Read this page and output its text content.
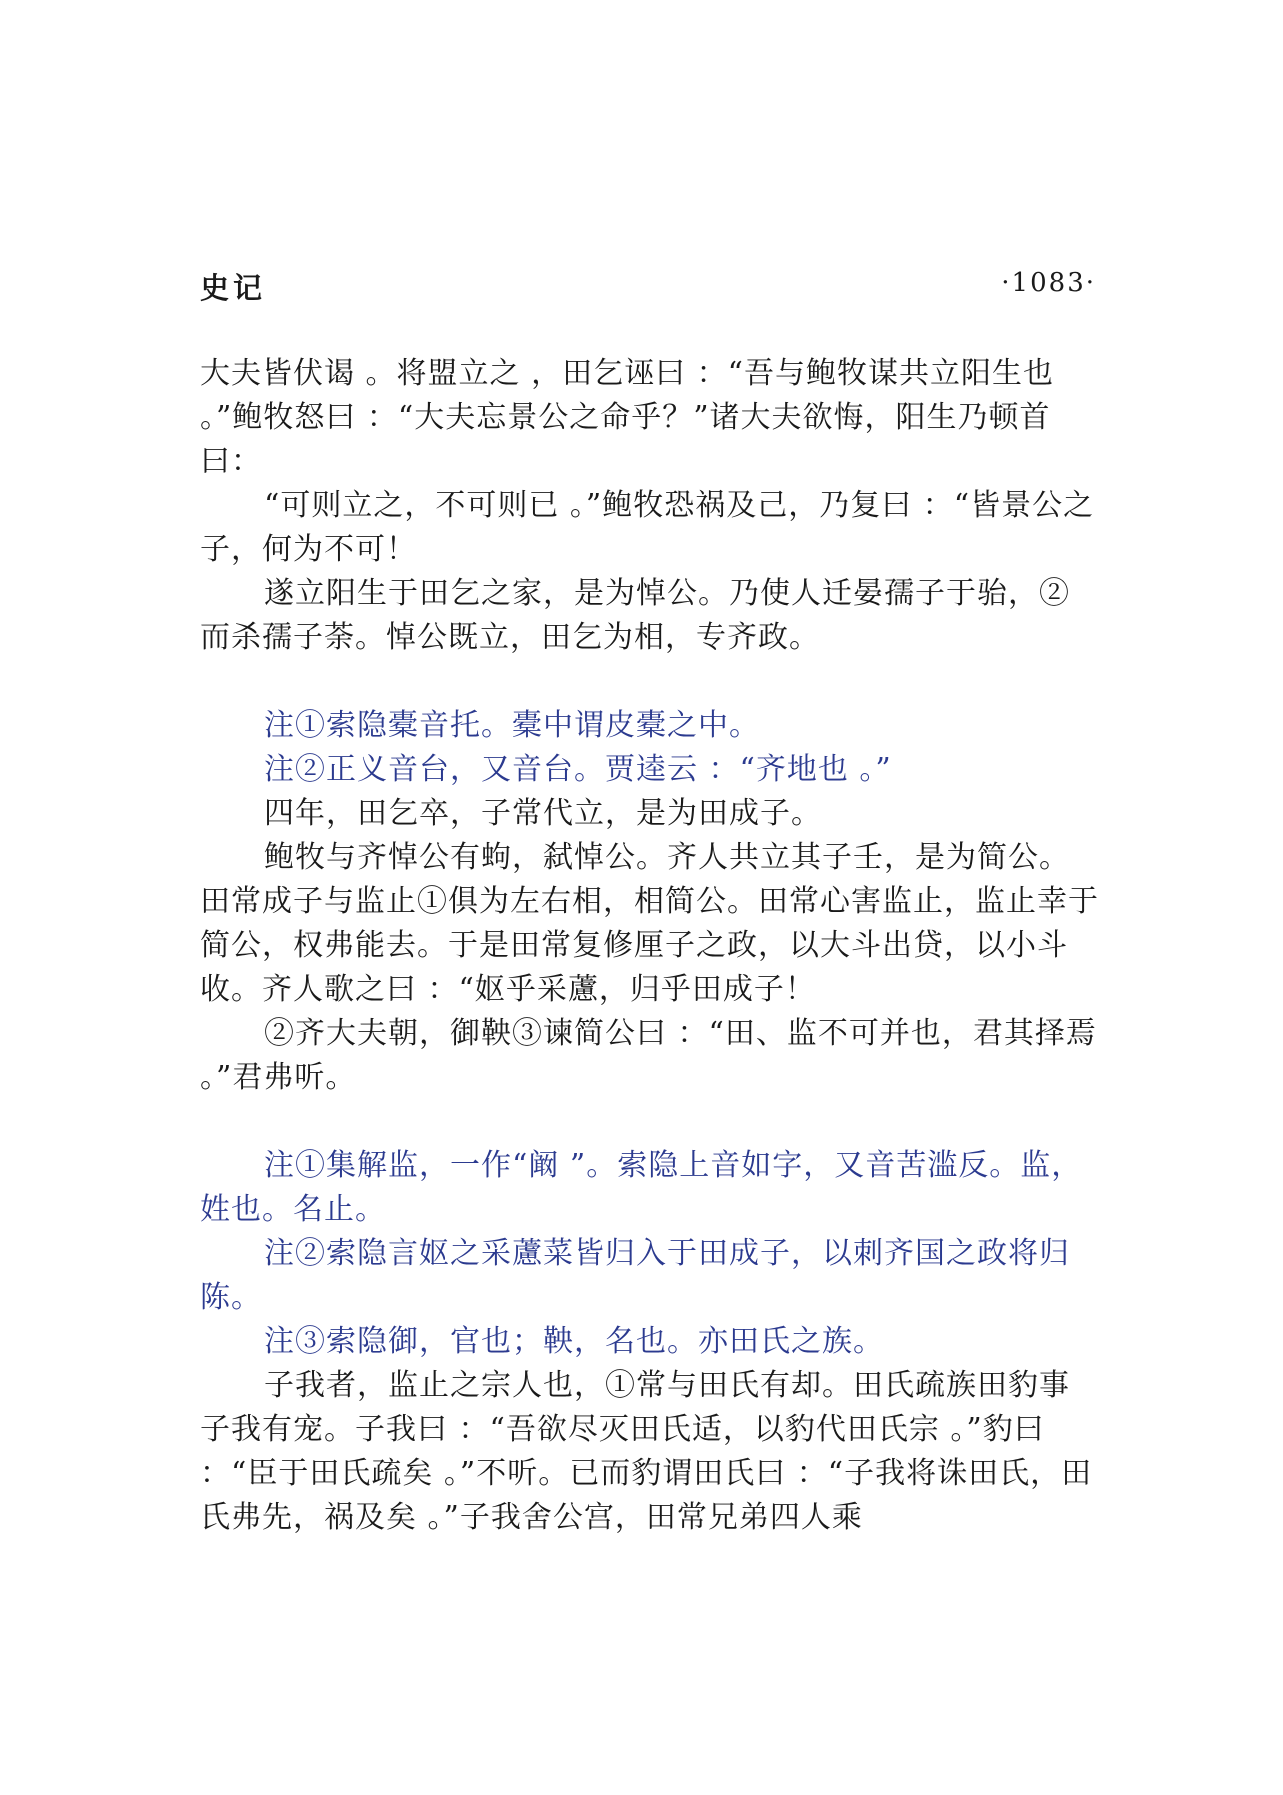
史记	·1083·

大夫皆伏谒 。将盟立之 ，田乞诬曰 ：“吾与鲍牧谋共立阳生也 。”鲍牧怒曰 ：“大夫忘景公之命乎？”诸大夫欲悔，阳生乃顿首曰：

“可则立之，不可则已 。”鲍牧恐祸及己，乃复曰 ：“皆景公之子，何为不可！

遂立阳生于田乞之家，是为悼公。乃使人迁晏孺子于骀，②而杀孺子荼。悼公既立，田乞为相，专齐政。

注①索隐橐音托。橐中谓皮橐之中。

注②正义音台，又音台。贾逵云 ：“齐地也 。”

四年，田乞卒，子常代立，是为田成子。

鲍牧与齐悼公有蚼，弑悼公。齐人共立其子壬，是为简公。田常成子与监止①俱为左右相，相简公。田常心害监止，监止幸于简公，权弗能去。于是田常复修厘子之政，以大斗出贷，以小斗收。齐人歌之曰 ：“妪乎采藘，归乎田成子！

②齐大夫朝，御鞅③谏简公曰 ：“田、监不可并也，君其择焉 。”君弗听。

注①集解监，一作“阚 ”。索隐上音如字，又音苦滥反。监，姓也。名止。

注②索隐言妪之采藘菜皆归入于田成子，以刺齐国之政将归陈。

注③索隐御，官也；鞅，名也。亦田氏之族。

子我者，监止之宗人也，①常与田氏有却。田氏疏族田豹事子我有宠。子我曰 ：“吾欲尽灭田氏适，以豹代田氏宗 。”豹曰 ：“臣于田氏疏矣 。”不听。已而豹谓田氏曰 ：“子我将诛田氏，田氏弗先，祸及矣 。”子我舍公宫，田常兄弟四人乘
